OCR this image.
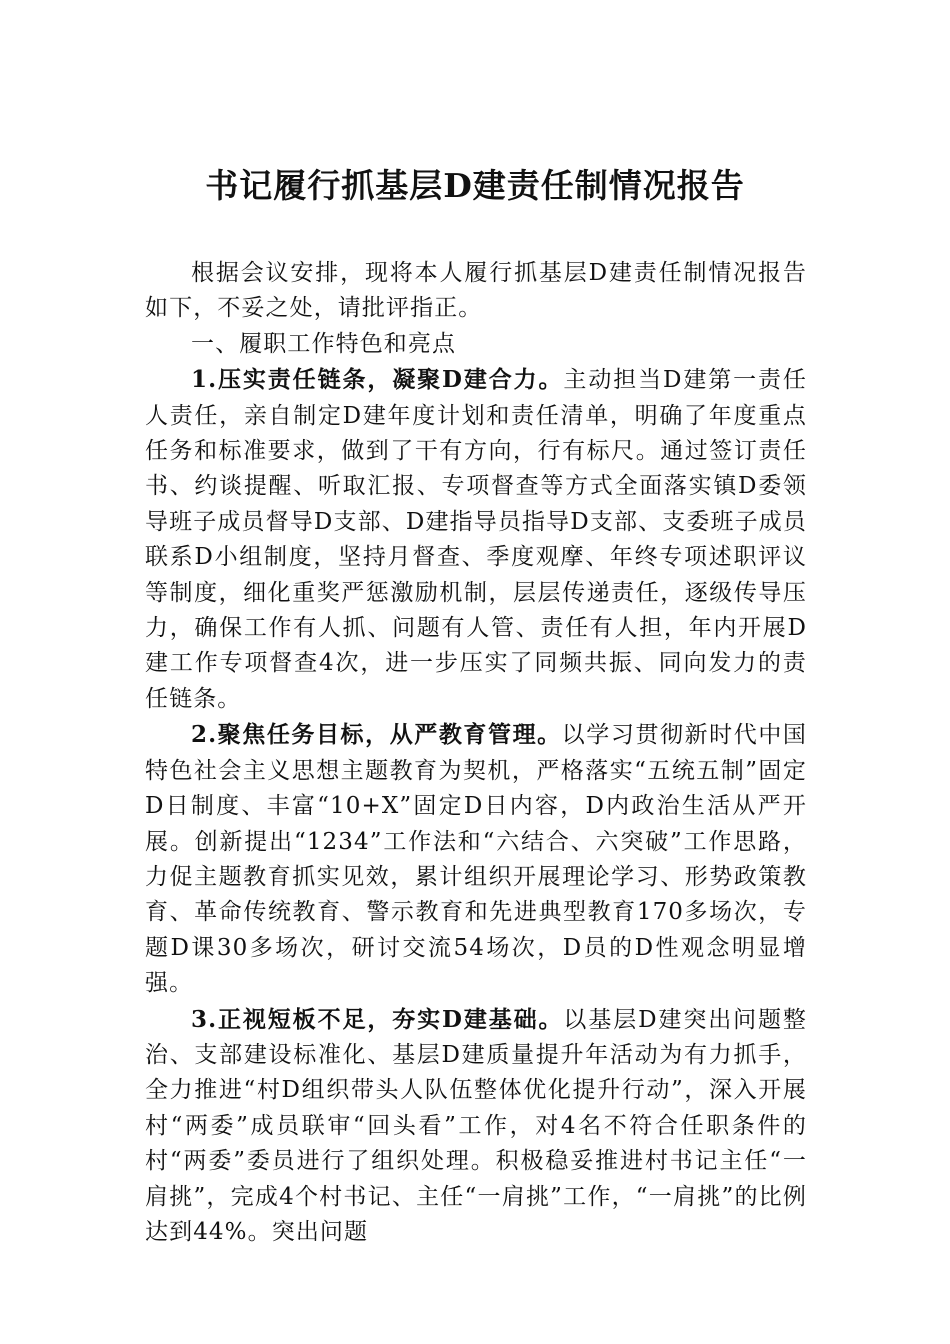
书记履行抓基层D建责任制情况报告

根据会议安排，现将本人履行抓基层D建责任制情况报告如下，不妥之处，请批评指正。

一、履职工作特色和亮点

1.压实责任链条，凝聚D建合力。主动担当D建第一责任人责任，亲自制定D建年度计划和责任清单，明确了年度重点任务和标准要求，做到了干有方向，行有标尺。通过签订责任书、约谈提醒、听取汇报、专项督查等方式全面落实镇D委领导班子成员督导D支部、D建指导员指导D支部、支委班子成员联系D小组制度，坚持月督查、季度观摩、年终专项述职评议等制度，细化重奖严惩激励机制，层层传递责任，逐级传导压力，确保工作有人抓、问题有人管、责任有人担，年内开展D建工作专项督查4次，进一步压实了同频共振、同向发力的责任链条。

2.聚焦任务目标，从严教育管理。以学习贯彻新时代中国特色社会主义思想主题教育为契机，严格落实“五统五制”固定D日制度、丰富“10+X”固定D日内容，D内政治生活从严开展。创新提出“1234”工作法和“六结合、六突破”工作思路，力促主题教育抓实见效，累计组织开展理论学习、形势政策教育、革命传统教育、警示教育和先进典型教育170多场次，专题D课30多场次，研讨交流54场次，D员的D性观念明显增强。

3.正视短板不足，夯实D建基础。以基层D建突出问题整治、支部建设标准化、基层D建质量提升年活动为有力抓手，全力推进“村D组织带头人队伍整体优化提升行动”，深入开展村“两委”成员联审“回头看”工作，对4名不符合任职条件的村“两委”委员进行了组织处理。积极稳妥推进村书记主任“一肩挑”，完成4个村书记、主任“一肩挑”工作，“一肩挑”的比例达到44%。突出问题
